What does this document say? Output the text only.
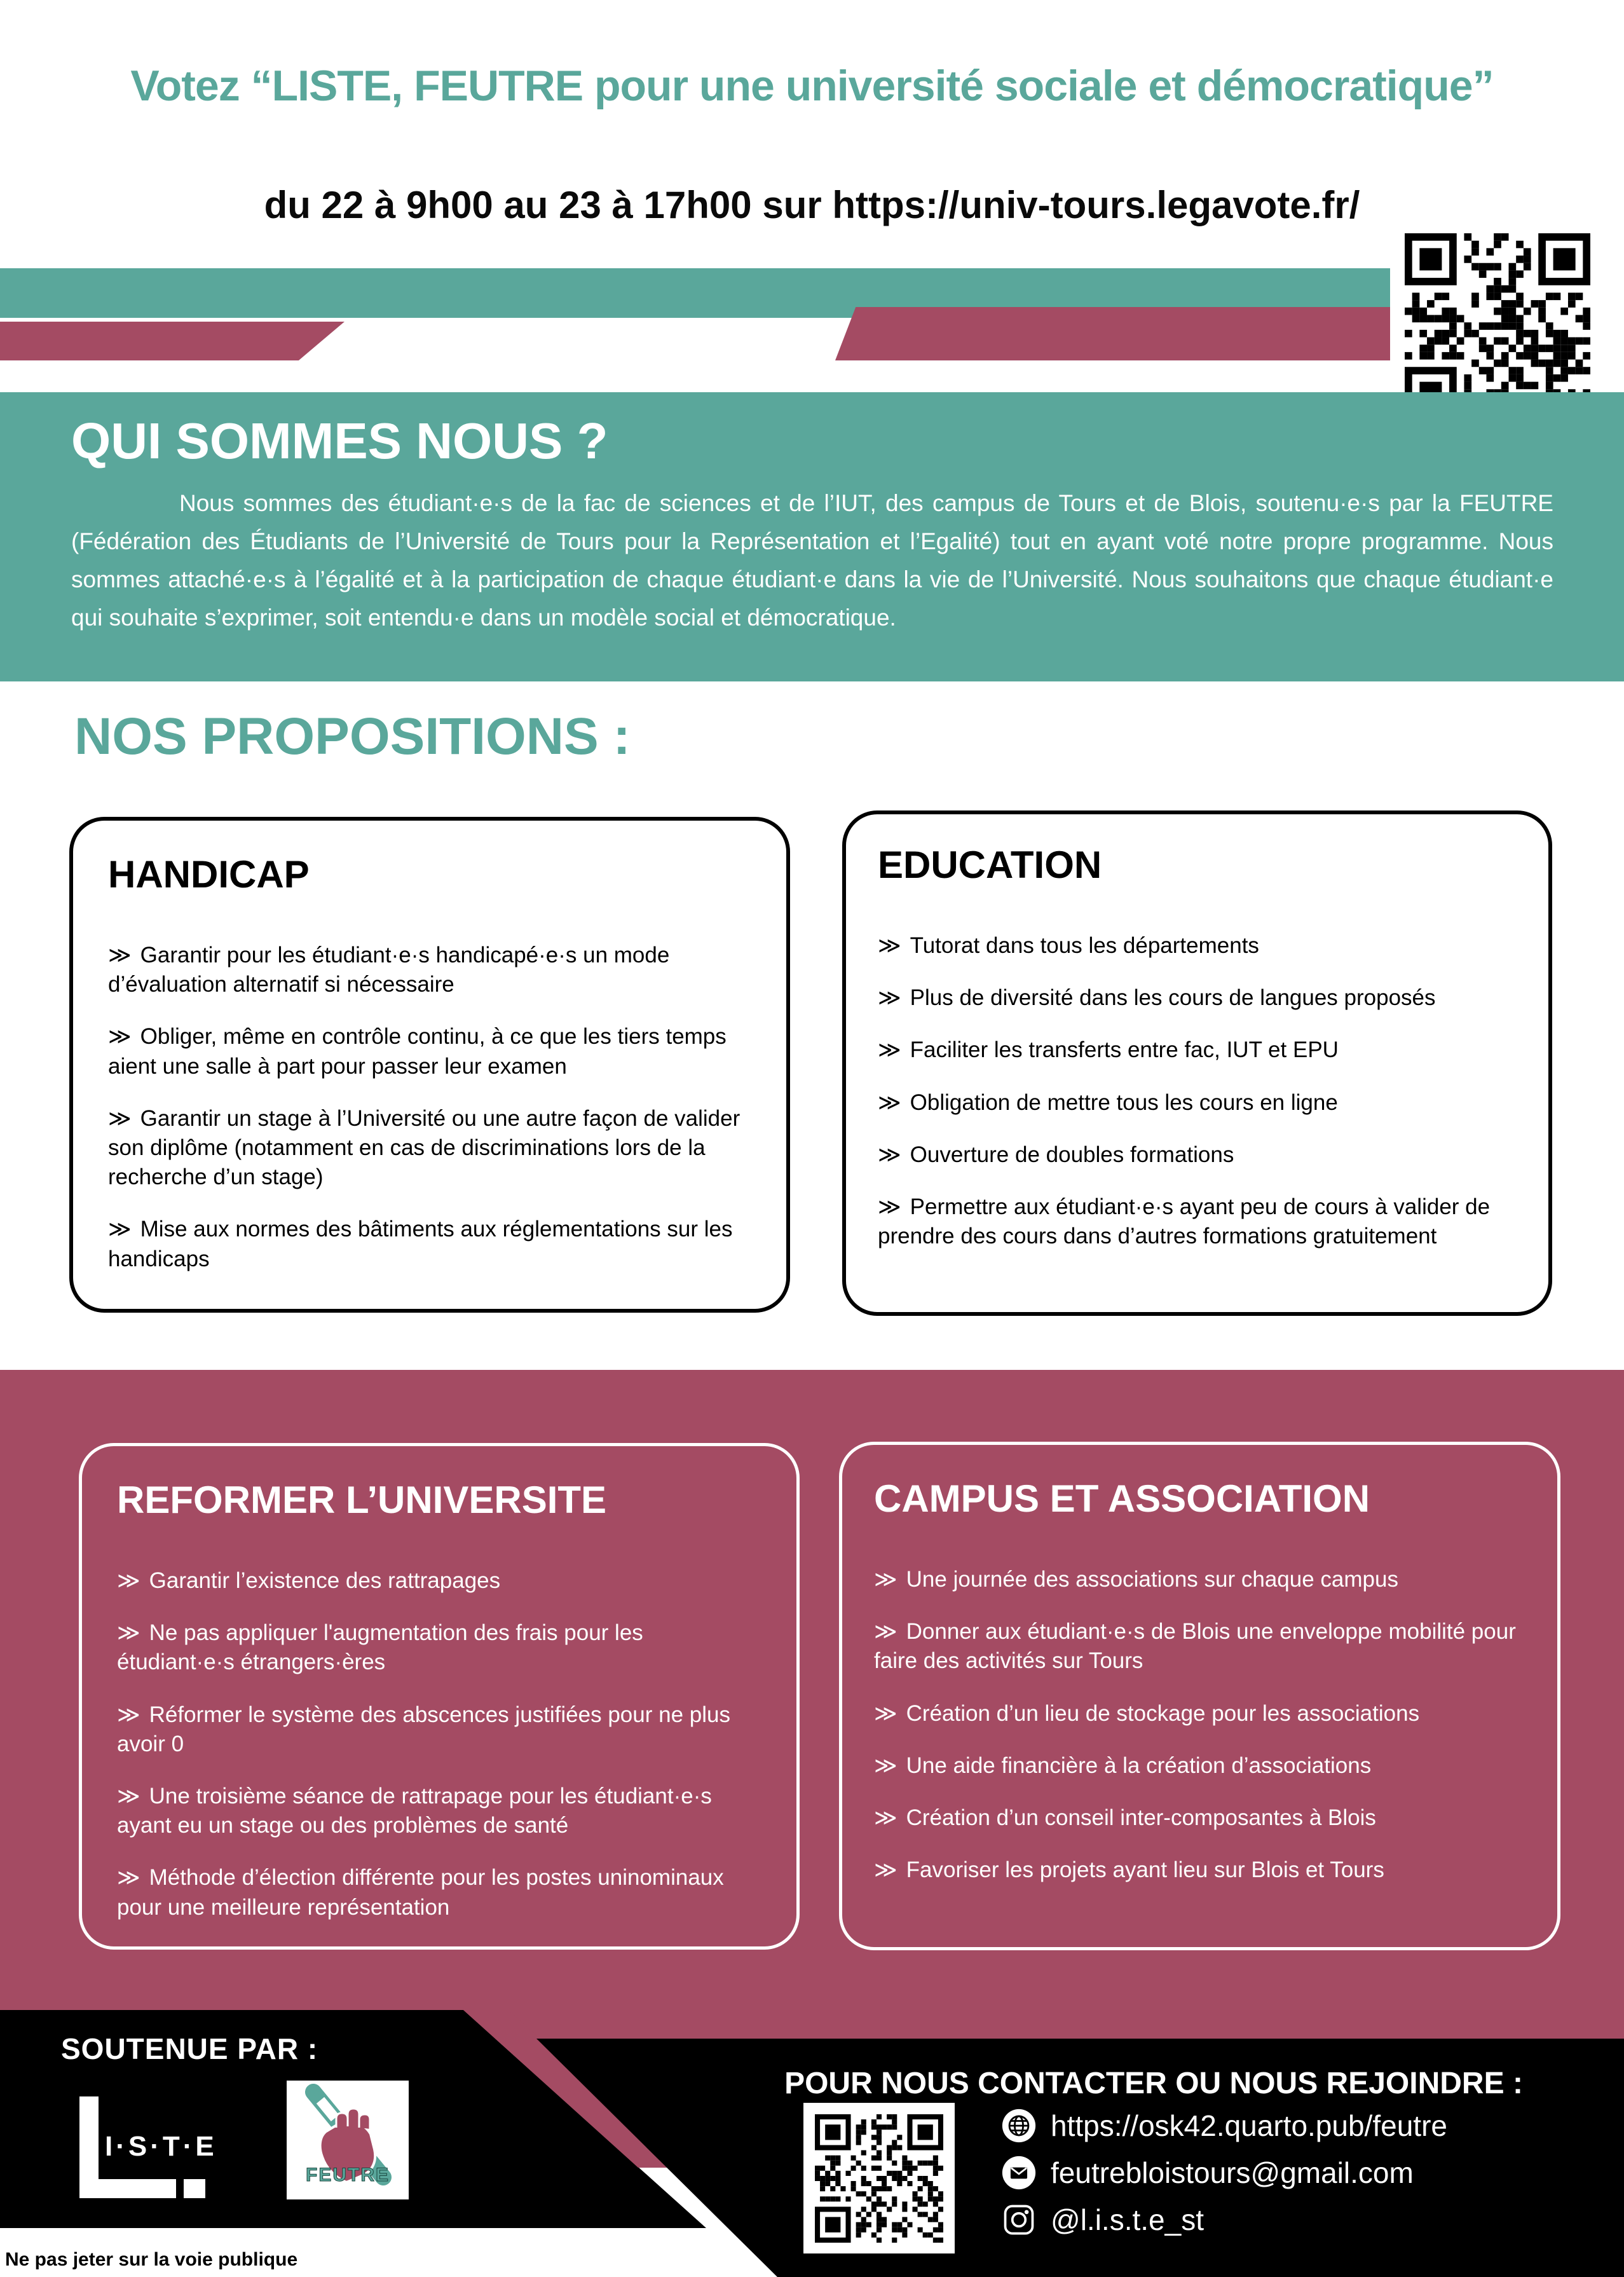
Votez “LISTE, FEUTRE pour une université sociale et démocratique”
du 22 à 9h00 au 23 à 17h00 sur https://univ-tours.legavote.fr/
QUI SOMMES NOUS ?
Nous sommes des étudiant·e·s de la fac de sciences et de l’IUT, des campus de Tours et de Blois, soutenu·e·s par la FEUTRE (Fédération des Étudiants de l’Université de Tours pour la Représentation et l’Egalité) tout en ayant voté notre propre programme. Nous sommes attaché·e·s à l’égalité et à la participation de chaque étudiant·e dans la vie de l’Université. Nous souhaitons que chaque étudiant·e qui souhaite s’exprimer, soit entendu·e dans un modèle social et démocratique.
NOS PROPOSITIONS :
HANDICAP
≫ Garantir pour les étudiant·e·s handicapé·e·s un mode d’évaluation alternatif si nécessaire
≫ Obliger, même en contrôle continu, à ce que les tiers temps aient une salle à part pour passer leur examen
≫ Garantir un stage à l’Université ou une autre façon de valider son diplôme (notamment en cas de discriminations lors de la recherche d’un stage)
≫ Mise aux normes des bâtiments aux réglementations sur les handicaps
EDUCATION
≫ Tutorat dans tous les départements
≫ Plus de diversité dans les cours de langues proposés
≫ Faciliter les transferts entre fac, IUT et EPU
≫ Obligation de mettre tous les cours en ligne
≫ Ouverture de doubles formations
≫ Permettre aux étudiant·e·s ayant peu de cours à valider de prendre des cours dans d’autres formations gratuitement
REFORMER L’UNIVERSITE
≫ Garantir l’existence des rattrapages
≫ Ne pas appliquer l'augmentation des frais pour les étudiant·e·s étrangers·ères
≫ Réformer le système des abscences justifiées pour ne plus avoir 0
≫ Une troisième séance de rattrapage pour les étudiant·e·s ayant eu un stage ou des problèmes de santé
≫ Méthode d’élection différente pour les postes uninominaux pour une meilleure représentation
CAMPUS ET ASSOCIATION
≫ Une journée des associations sur chaque campus
≫ Donner aux étudiant·e·s de Blois une enveloppe mobilité pour faire des activités sur Tours
≫ Création d’un lieu de stockage pour les associations
≫ Une aide financière à la création d’associations
≫ Création d’un conseil inter-composantes à Blois
≫ Favoriser les projets ayant lieu sur Blois et Tours
SOUTENUE PAR :
I·S·T·E
FEUTRE
POUR NOUS CONTACTER OU NOUS REJOINDRE :
https://osk42.quarto.pub/feutre
feutrebloistours@gmail.com
@l.i.s.t.e_st
Ne pas jeter sur la voie publique
